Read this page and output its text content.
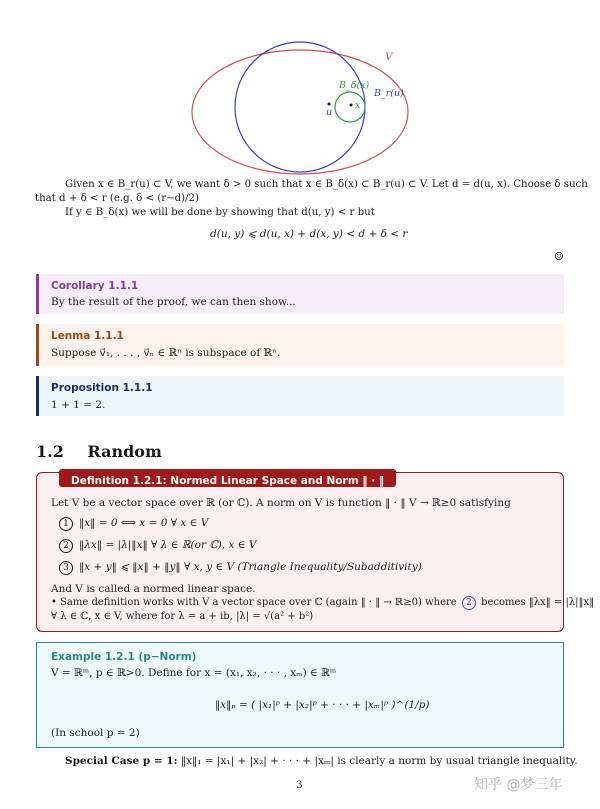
V
B_r(u)
B_δ(x)
x
u
Given x ∈ B_r(u) ⊂ V, we want δ > 0 such that x ∈ B_δ(x) ⊂ B_r(u) ⊂ V. Let d = d(u, x). Choose δ such
that d + δ < r (e.g. δ < (r−d)/2)
If y ∈ B_δ(x) we will be done by showing that d(u, y) < r but
d(u, y) ⩽ d(u, x) + d(x, y) < d + δ < r
☺
Corollary 1.1.1
By the result of the proof, we can then show...
Lenma 1.1.1
Suppose v⃗₁, . . . , v⃗ₙ ∈ ℝⁿ is subspace of ℝⁿ.
Proposition 1.1.1
1 + 1 = 2.
1.2 Random
Definition 1.2.1: Normed Linear Space and Norm ‖ · ‖
Let V be a vector space over ℝ (or ℂ). A norm on V is function ‖ · ‖ V → ℝ≥0 satisfying
1 ‖x‖ = 0 ⟺ x = 0 ∀ x ∈ V
2 ‖λx‖ = |λ|‖x‖ ∀ λ ∈ ℝ(or ℂ), x ∈ V
3 ‖x + y‖ ⩽ ‖x‖ + ‖y‖ ∀ x, y ∈ V (Triangle Inequality/Subadditivity)
And V is called a normed linear space.
• Same definition works with V a vector space over ℂ (again ‖ · ‖ → ℝ≥0) where 2 becomes ‖λx‖ = |λ|‖x‖
∀ λ ∈ ℂ, x ∈ V, where for λ = a + ib, |λ| = √(a² + b²)
Example 1.2.1 (p−Norm)
V = ℝᵐ, p ∈ ℝ>0. Define for x = (x₁, x₂, · · · , xₘ) ∈ ℝᵐ
‖x‖ₚ = ( |x₁|ᵖ + |x₂|ᵖ + · · · + |xₘ|ᵖ )^(1/p)
(In school p = 2)
Special Case p = 1: ‖x‖₁ = |x₁| + |x₂| + · · · + |xₘ| is clearly a norm by usual triangle inequality.
3	知乎 @梦三年
